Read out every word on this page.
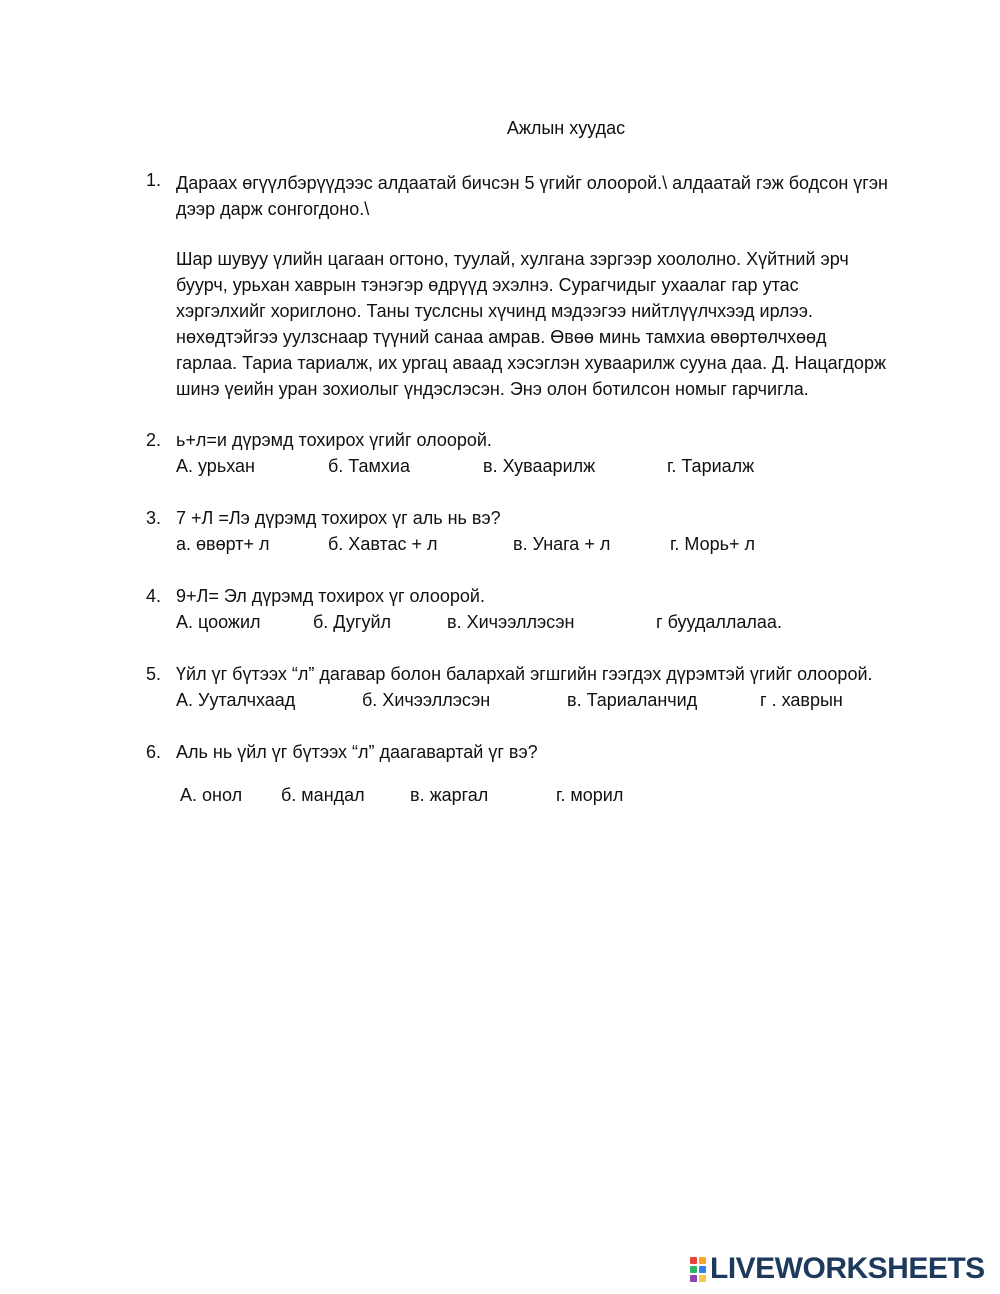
Ажлын хуудас
1. Дараах өгүүлбэрүүдээс алдаатай бичсэн 5 үгийг олоорой.\ алдаатай гэж бодсон үгэн
дээр дарж сонгогдоно.\
Шар шувуу үлийн цагаан огтоно, туулай, хулгана зэргээр хоололно. Хүйтний эрч
буурч, урьхан хаврын тэнэгэр өдрүүд эхэлнэ. Сурагчидыг ухаалаг гар утас
хэргэлхийг хориглоно. Таны туслсны хүчинд мэдээгээ нийтлүүлчхээд ирлээ.
нөхөдтэйгээ уулзснаар түүний санаа амрав. Өвөө минь тамхиа өвөртөлчхөөд
гарлаа. Тариа тариалж, их ургац аваад хэсэглэн хуваарилж сууна даа. Д. Нацагдорж
шинэ үеийн уран зохиолыг үндэслэсэн. Энэ олон ботилсон номыг гарчигла.
2. ь+л=и дүрэмд тохирох үгийг олоорой.
А. урьхан	б. Тамхиа	в. Хуваарилж	г. Тариалж
3. 7 +Л =Лэ дүрэмд тохирох үг аль нь вэ?
а. өвөрт+ л	б. Хавтас + л	в. Унага + л	г. Морь+ л
4. 9+Л= Эл дүрэмд тохирох үг олоорой.
А. цоожил	б. Дугуйл	в. Хичээллэсэн	г буудаллалаа.
5. Үйл үг бүтээх “л” дагавар болон балархай эгшгийн гээгдэх дүрэмтэй үгийг олоорой.
А. Ууталчхаад	б. Хичээллэсэн	в. Тариаланчид	г . хаврын
6. Аль нь үйл үг бүтээх “л” даагавартай үг вэ?
А. онол б. мандал	в. жаргал	г. морил
LIVEWORKSHEETS
